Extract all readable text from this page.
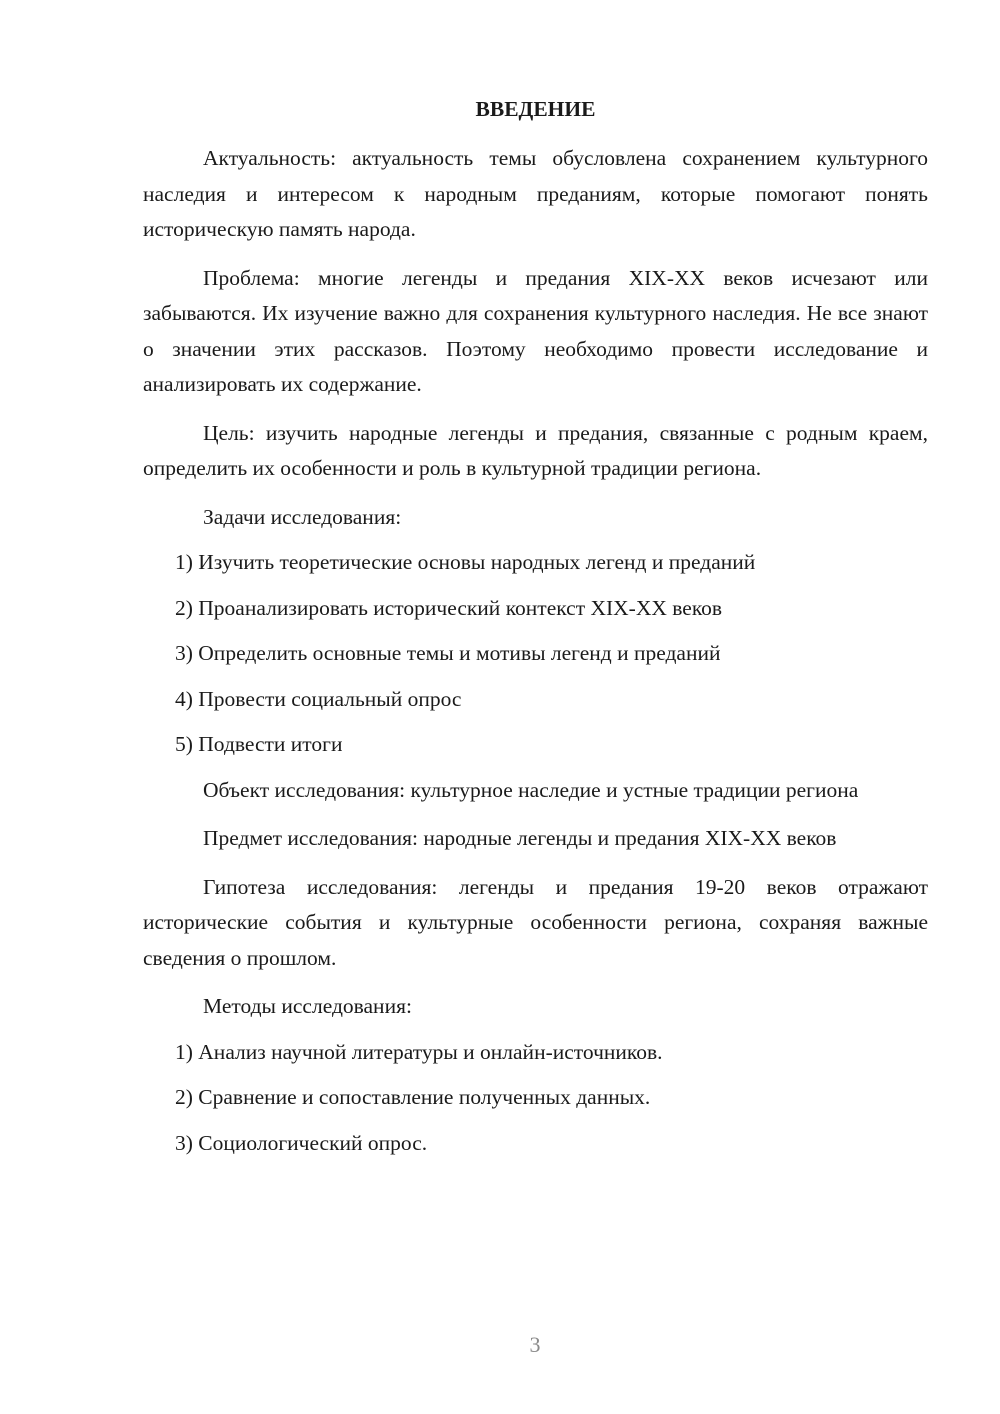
ВВЕДЕНИЕ

Актуальность: актуальность темы обусловлена сохранением культурного наследия и интересом к народным преданиям, которые помогают понять историческую память народа.

Проблема: многие легенды и предания XIX-XX веков исчезают или забываются. Их изучение важно для сохранения культурного наследия. Не все знают о значении этих рассказов. Поэтому необходимо провести исследование и анализировать их содержание.

Цель: изучить народные легенды и предания, связанные с родным краем, определить их особенности и роль в культурной традиции региона.

Задачи исследования:

1) Изучить теоретические основы народных легенд и преданий

2) Проанализировать исторический контекст XIX-XX веков

3) Определить основные темы и мотивы легенд и преданий

4) Провести социальный опрос

5) Подвести итоги

Объект исследования: культурное наследие и устные традиции региона

Предмет исследования: народные легенды и предания XIX-XX веков

Гипотеза исследования: легенды и предания 19-20 веков отражают исторические события и культурные особенности региона, сохраняя важные сведения о прошлом.

Методы исследования:

1) Анализ научной литературы и онлайн-источников.

2) Сравнение и сопоставление полученных данных.

3) Социологический опрос.

3
